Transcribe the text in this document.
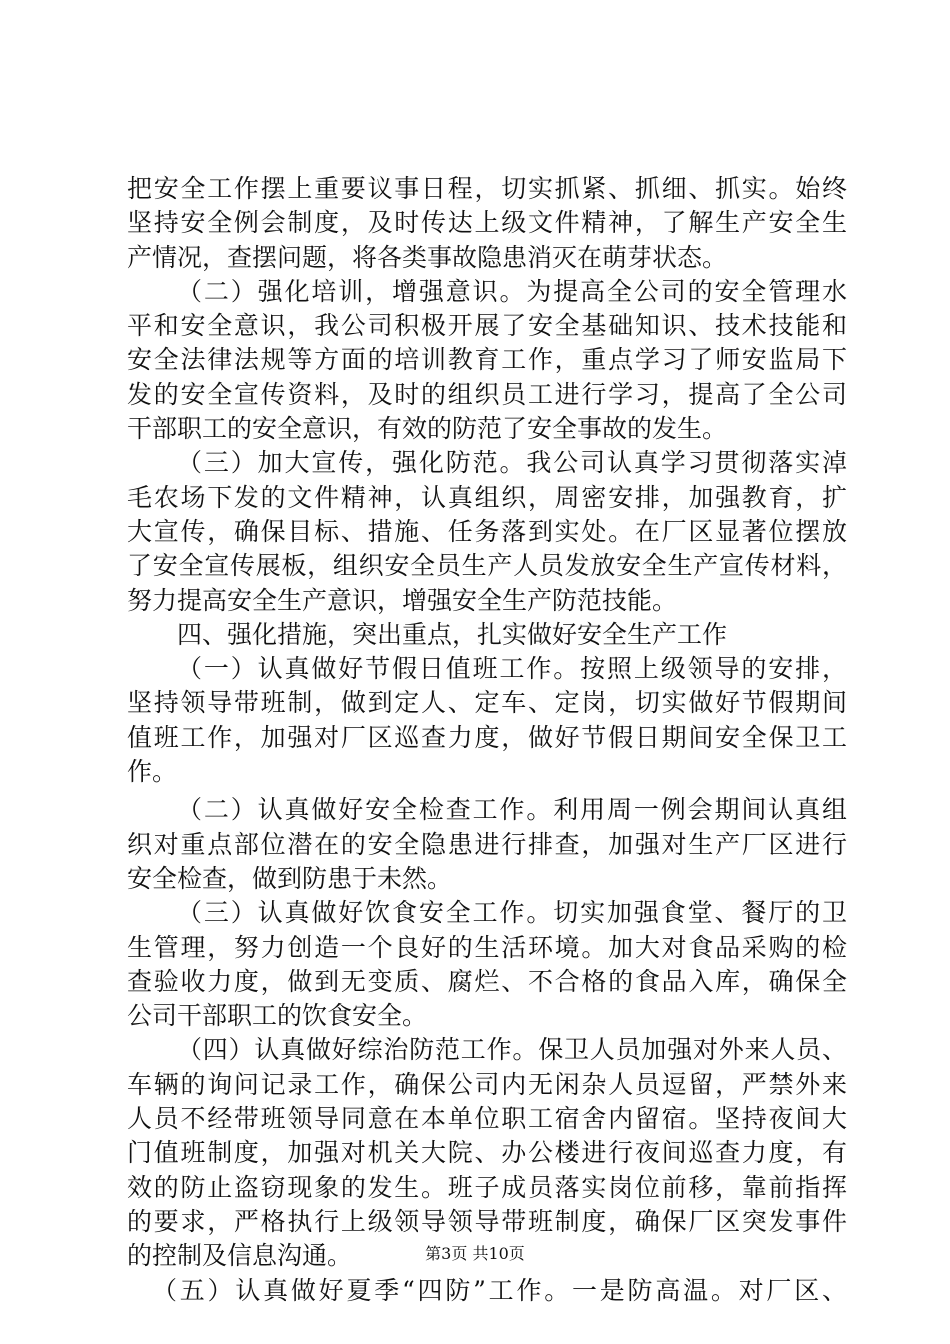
把安全工作摆上重要议事日程，切实抓紧、抓细、抓实。始终
坚持安全例会制度，及时传达上级文件精神，了解生产安全生
产情况，查摆问题，将各类事故隐患消灭在萌芽状态。
（二）强化培训，增强意识。为提高全公司的安全管理水
平和安全意识，我公司积极开展了安全基础知识、技术技能和
安全法律法规等方面的培训教育工作，重点学习了师安监局下
发的安全宣传资料，及时的组织员工进行学习，提高了全公司
干部职工的安全意识，有效的防范了安全事故的发生。
（三）加大宣传，强化防范。我公司认真学习贯彻落实淖
毛农场下发的文件精神，认真组织，周密安排，加强教育，扩
大宣传，确保目标、措施、任务落到实处。在厂区显著位摆放
了安全宣传展板，组织安全员生产人员发放安全生产宣传材料，
努力提高安全生产意识，增强安全生产防范技能。
四、强化措施，突出重点，扎实做好安全生产工作
（一）认真做好节假日值班工作。按照上级领导的安排，
坚持领导带班制，做到定人、定车、定岗，切实做好节假期间
值班工作，加强对厂区巡查力度，做好节假日期间安全保卫工
作。
（二）认真做好安全检查工作。利用周一例会期间认真组
织对重点部位潜在的安全隐患进行排查，加强对生产厂区进行
安全检查，做到防患于未然。
（三）认真做好饮食安全工作。切实加强食堂、餐厅的卫
生管理，努力创造一个良好的生活环境。加大对食品采购的检
查验收力度，做到无变质、腐烂、不合格的食品入库，确保全
公司干部职工的饮食安全。
（四）认真做好综治防范工作。保卫人员加强对外来人员、
车辆的询问记录工作，确保公司内无闲杂人员逗留，严禁外来
人员不经带班领导同意在本单位职工宿舍内留宿。坚持夜间大
门值班制度，加强对机关大院、办公楼进行夜间巡查力度，有
效的防止盗窃现象的发生。班子成员落实岗位前移，靠前指挥
的要求，严格执行上级领导领导带班制度，确保厂区突发事件
的控制及信息沟通。
（五）认真做好夏季“四防”工作。一是防高温。对厂区、
第3页 共10页
